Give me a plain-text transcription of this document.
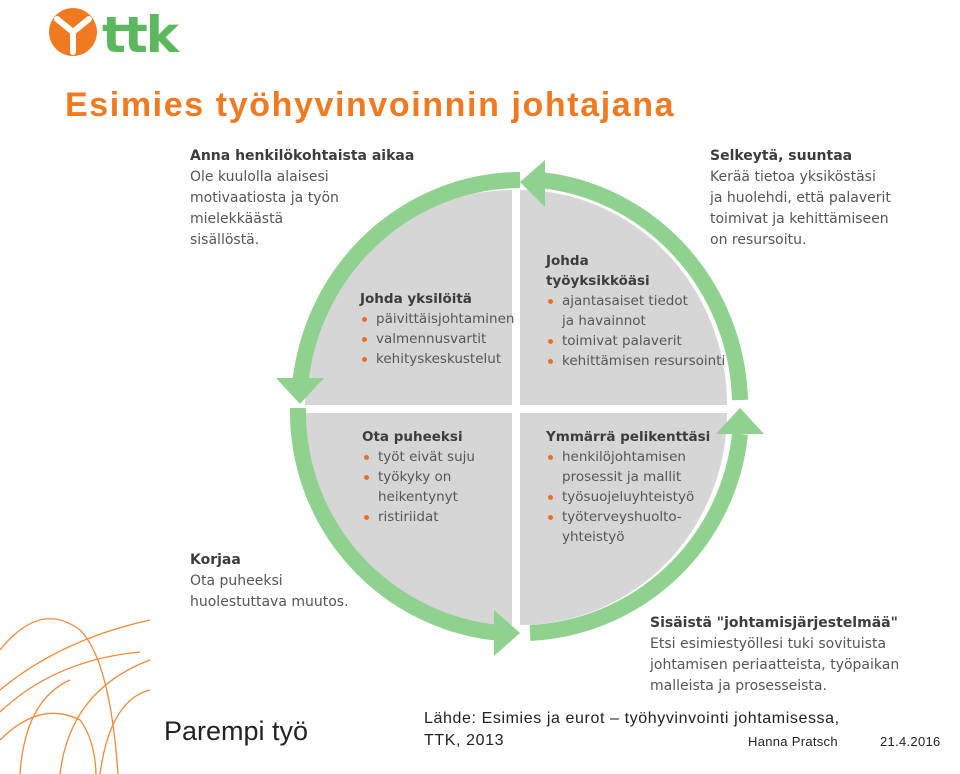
ttk
Esimies työhyvinvoinnin johtajana
Anna henkilökohtaista aikaa
Ole kuulolla alaisesi
motivaatiosta ja työn
mielekkäästä
sisällöstä.
Selkeytä, suuntaa
Kerää tietoa yksiköstäsi
ja huolehdi, että palaverit
toimivat ja kehittämiseen
on resursoitu.
Korjaa
Ota puheeksi
huolestuttava muutos.
Sisäistä "johtamisjärjestelmää"
Etsi esimiestyöllesi tuki sovituista
johtamisen periaatteista, työpaikan
malleista ja prosesseista.
Johda yksilöitä
päivittäisjohtaminen
valmennusvartit
kehityskeskustelut
Johda
työyksikköäsi
ajantasaiset tiedot
ja havainnot
toimivat palaverit
kehittämisen resursointi
Ota puheeksi
työt eivät suju
työkyky on
heikentynyt
ristiriidat
Ymmärrä pelikenttäsi
henkilöjohtamisen
prosessit ja mallit
työsuojeluyhteistyö
työterveyshuolto-
yhteistyö
Parempi työ	Lähde: Esimies ja eurot – työhyvinvointi johtamisessa,
TTK, 2013	Hanna Pratsch	21.4.2016
